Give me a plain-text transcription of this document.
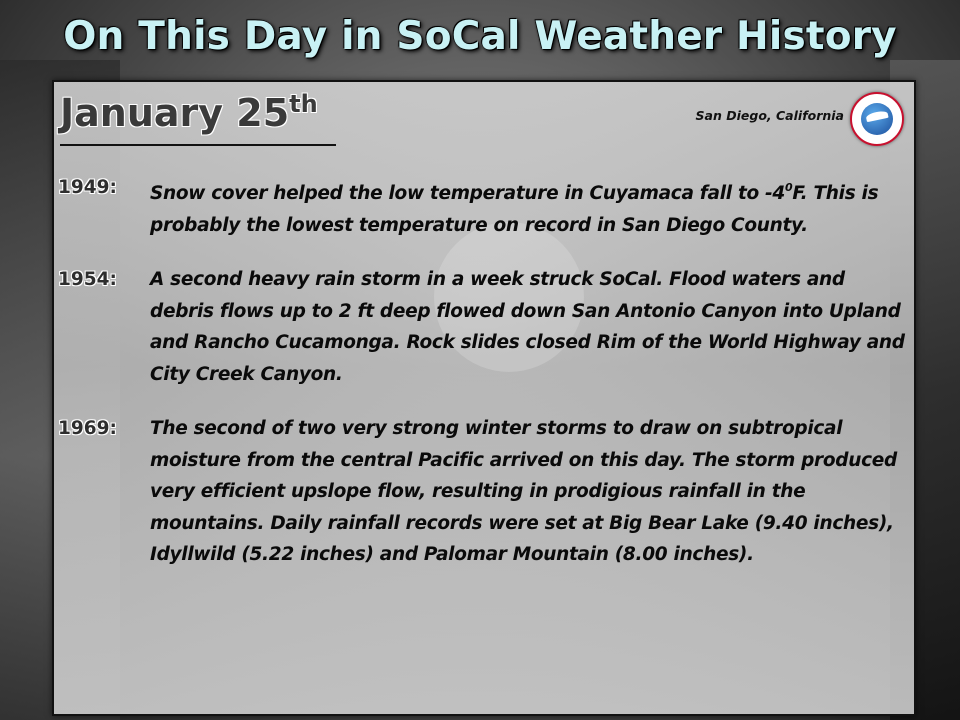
On This Day in SoCal Weather History
January 25th	San Diego, California
1949:	Snow cover helped the low temperature in Cuyamaca fall to $-4^0F$. This is probably the lowest temperature on record in San Diego County.
1954:	A second heavy rain storm in a week struck SoCal. Flood waters and debris flows up to 2 ft deep flowed down San Antonio Canyon into Upland and Rancho Cucamonga. Rock slides closed Rim of the World Highway and City Creek Canyon.
1969:	The second of two very strong winter storms to draw on subtropical moisture from the central Pacific arrived on this day. The storm produced very efficient upslope flow, resulting in prodigious rainfall in the mountains. Daily rainfall records were set at Big Bear Lake (9.40 inches), Idyllwild (5.22 inches) and Palomar Mountain (8.00 inches).
